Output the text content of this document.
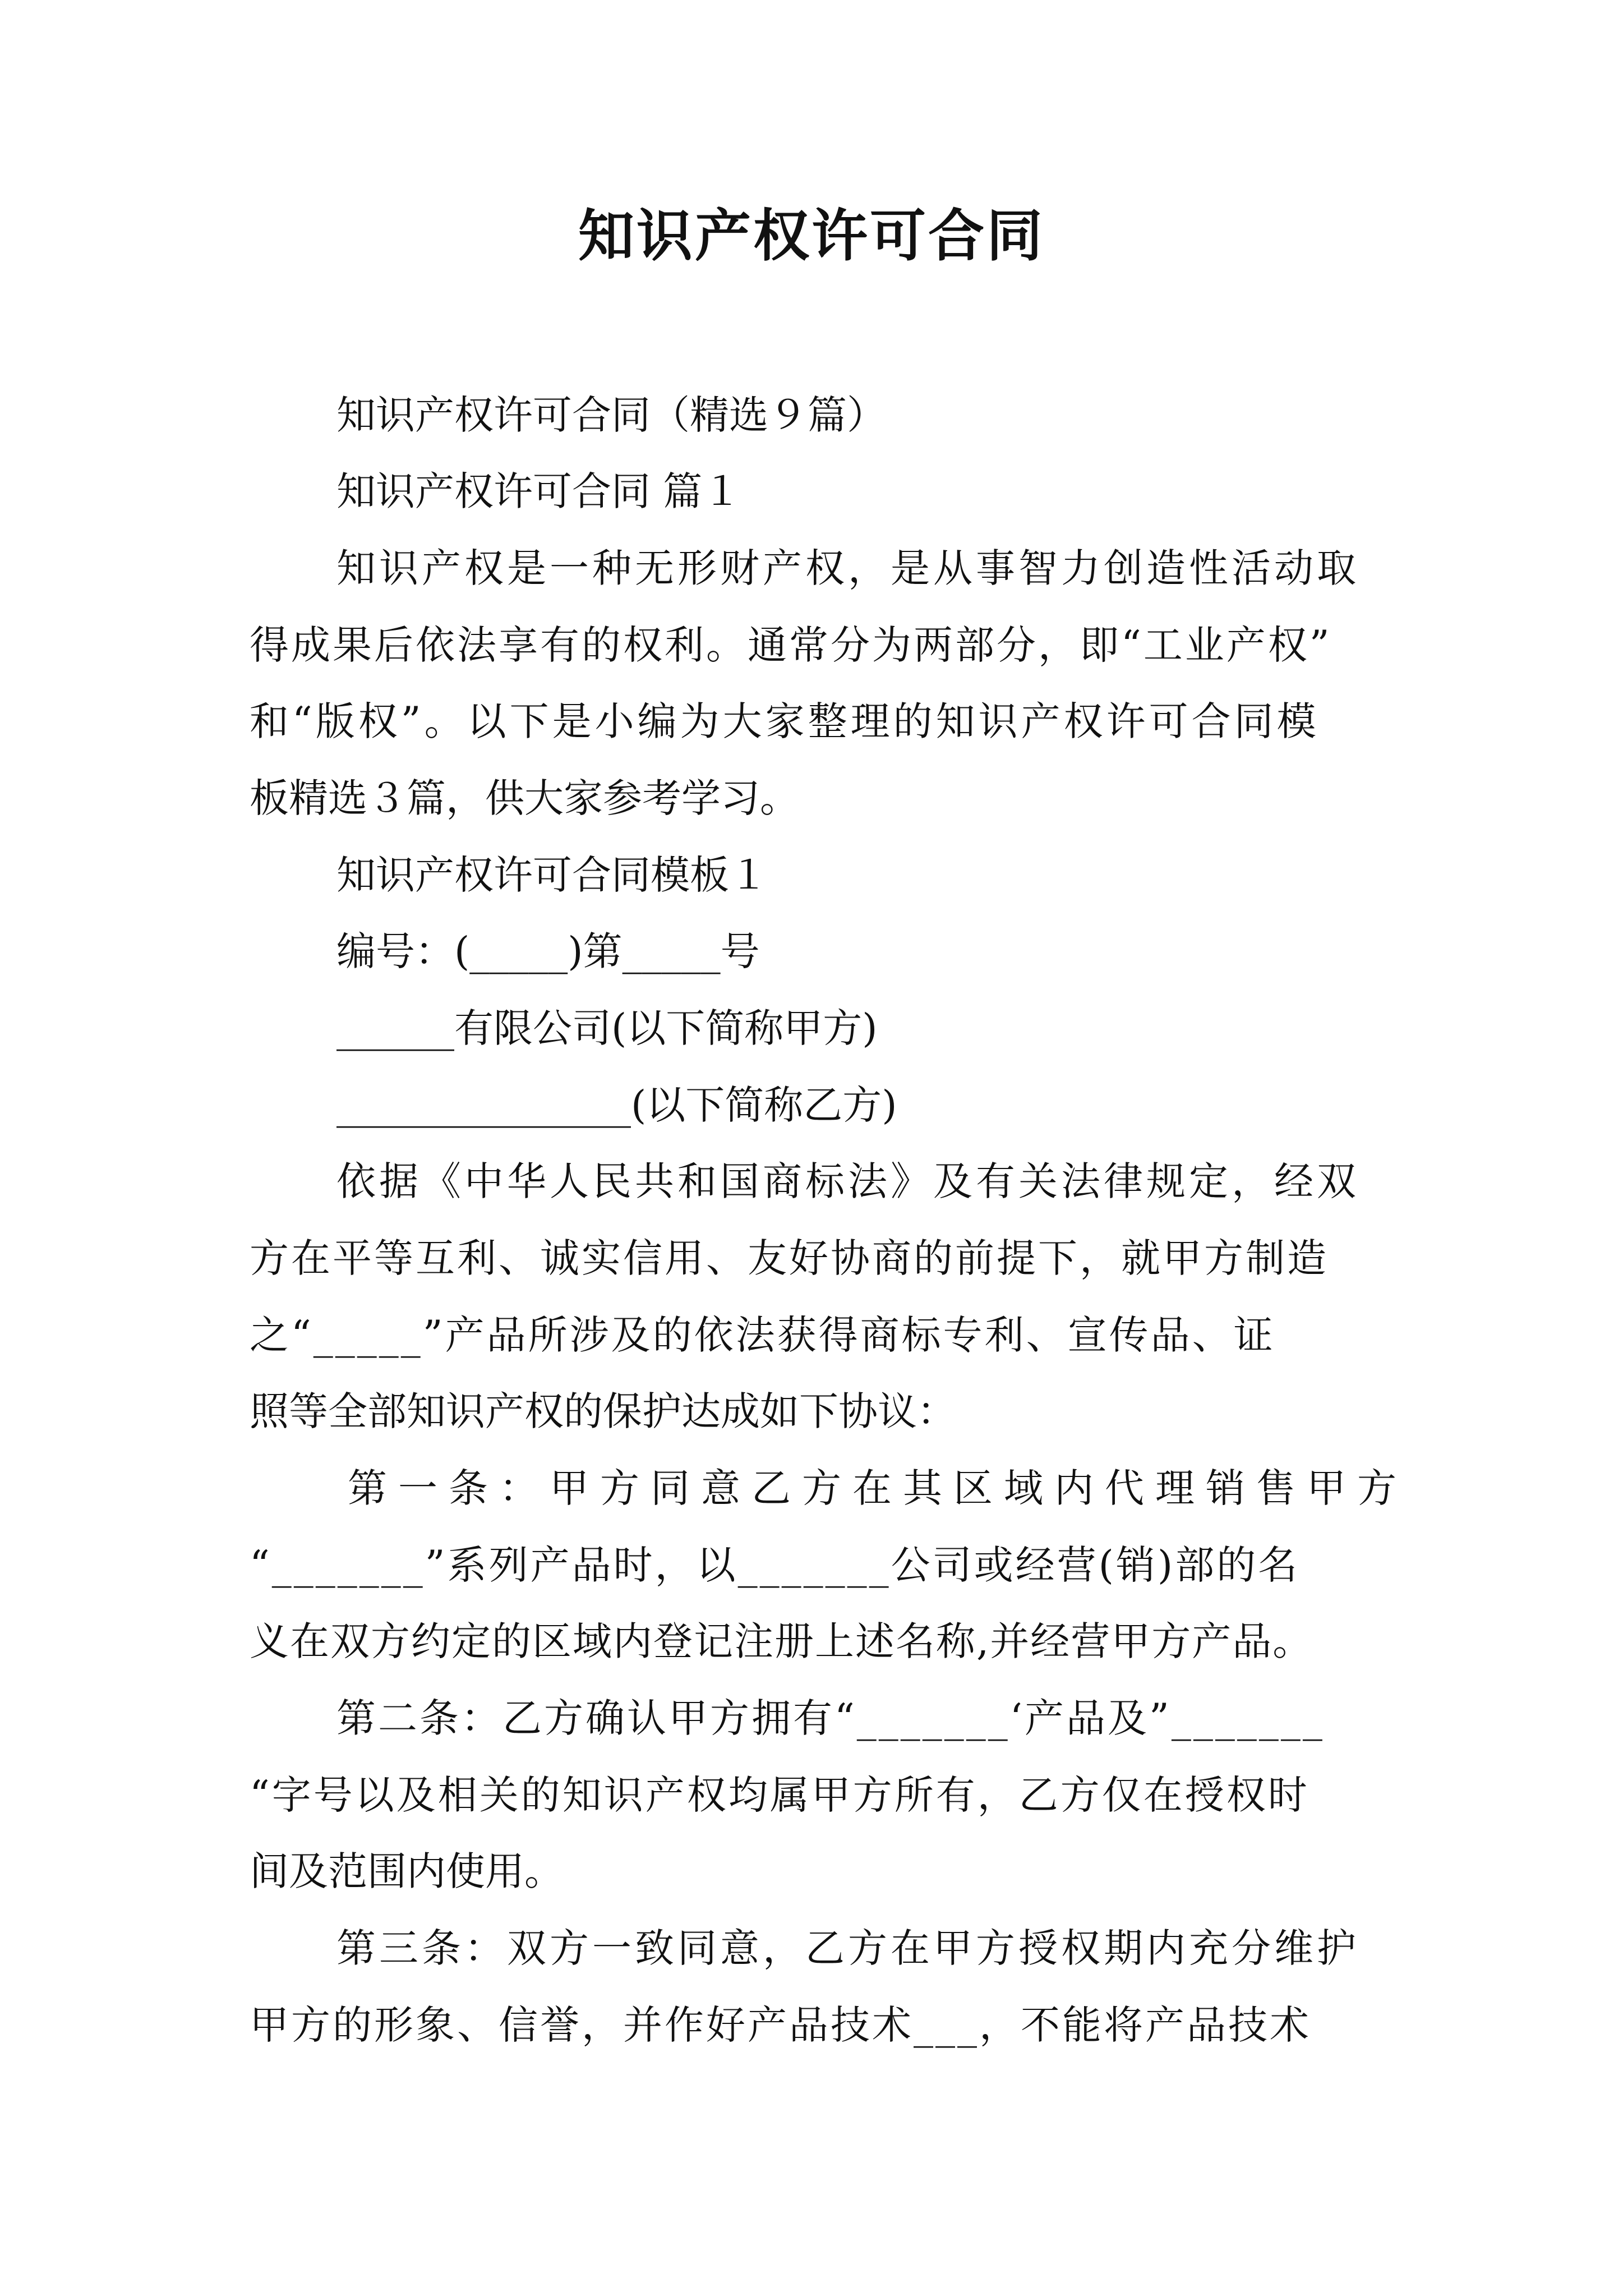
知识产权许可合同
知识产权许可合同（精选９篇）
知识产权许可合同 篇１
知识产权是一种无形财产权，是从事智力创造性活动取
得成果后依法享有的权利。通常分为两部分，即“工业产权”
和“版权”。以下是小编为大家整理的知识产权许可合同模
板精选３篇，供大家参考学习。
知识产权许可合同模板１
编号：(_____)第_____号
______有限公司(以下简称甲方)
_______________(以下简称乙方)
依据《中华人民共和国商标法》及有关法律规定，经双
方在平等互利、诚实信用、友好协商的前提下，就甲方制造
之“_____”产品所涉及的依法获得商标专利、宣传品、证
照等全部知识产权的保护达成如下协议：
第一条：甲方同意乙方在其区域内代理销售甲方
“_______”系列产品时，以_______公司或经营(销)部的名
义在双方约定的区域内登记注册上述名称,并经营甲方产品。
第二条：乙方确认甲方拥有“_______‘产品及”_______
“字号以及相关的知识产权均属甲方所有，乙方仅在授权时
间及范围内使用。
第三条：双方一致同意，乙方在甲方授权期内充分维护
甲方的形象、信誉，并作好产品技术___，不能将产品技术
